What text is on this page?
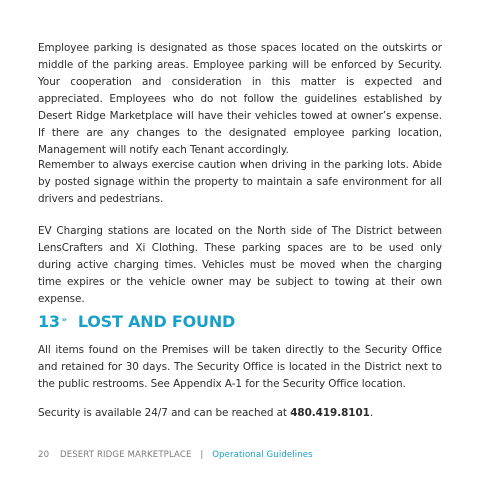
Employee parking is designated as those spaces located on the outskirts or middle of the parking areas. Employee parking will be enforced by Security. Your cooperation and consideration in this matter is expected and appreciated. Employees who do not follow the guidelines established by Desert Ridge Marketplace will have their vehicles towed at owner’s expense. If there are any changes to the designated employee parking location, Management will notify each Tenant accordingly.

Remember to always exercise caution when driving in the parking lots. Abide by posted signage within the property to maintain a safe environment for all drivers and pedestrians.

EV Charging stations are located on the North side of The District between LensCrafters and Xi Clothing. These parking spaces are to be used only during active charging times. Vehicles must be moved when the charging time expires or the vehicle owner may be subject to towing at their own expense.

13 » LOST AND FOUND

All items found on the Premises will be taken directly to the Security Office and retained for 30 days. The Security Office is located in the District next to the public restrooms. See Appendix A-1 for the Security Office location.

Security is available 24/7 and can be reached at 480.419.8101.

20 DESERT RIDGE MARKETPLACE | Operational Guidelines
